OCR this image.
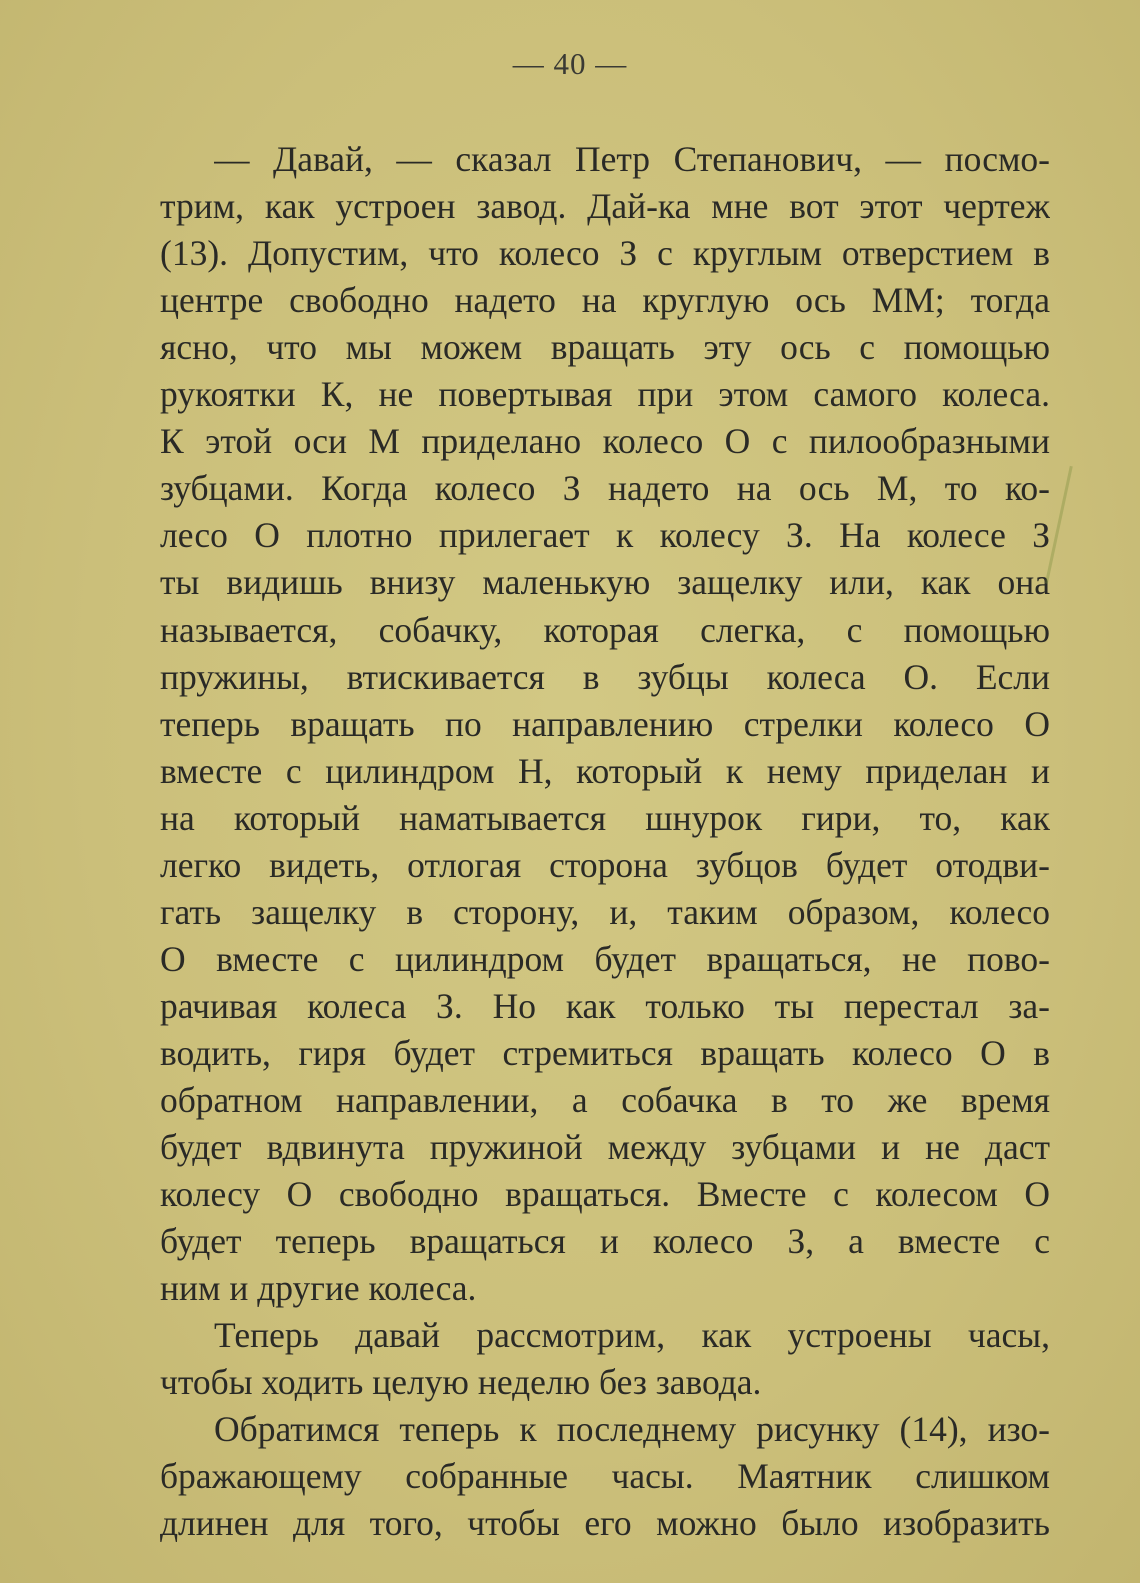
— 40 —
— Давай, — сказал Петр Степанович, — посмо-
трим, как устроен завод. Дай-ка мне вот этот чертеж
(13). Допустим, что колесо З с круглым отверстием в
центре свободно надето на круглую ось ММ; тогда
ясно, что мы можем вращать эту ось с помощью
рукоятки К, не повертывая при этом самого колеса.
К этой оси М приделано колесо О с пилообразными
зубцами. Когда колесо З надето на ось М, то ко-
лесо О плотно прилегает к колесу З. На колесе З
ты видишь внизу маленькую защелку или, как она
называется, собачку, которая слегка, с помощью
пружины, втискивается в зубцы колеса О. Если
теперь вращать по направлению стрелки колесо О
вместе с цилиндром Н, который к нему приделан и
на который наматывается шнурок гири, то, как
легко видеть, отлогая сторона зубцов будет отодви-
гать защелку в сторону, и, таким образом, колесо
О вместе с цилиндром будет вращаться, не пово-
рачивая колеса З. Но как только ты перестал за-
водить, гиря будет стремиться вращать колесо О в
обратном направлении, а собачка в то же время
будет вдвинута пружиной между зубцами и не даст
колесу О свободно вращаться. Вместе с колесом О
будет теперь вращаться и колесо З, а вместе с
ним и другие колеса.
Теперь давай рассмотрим, как устроены часы,
чтобы ходить целую неделю без завода.
Обратимся теперь к последнему рисунку (14), изо-
бражающему собранные часы. Маятник слишком
длинен для того, чтобы его можно было изобразить
